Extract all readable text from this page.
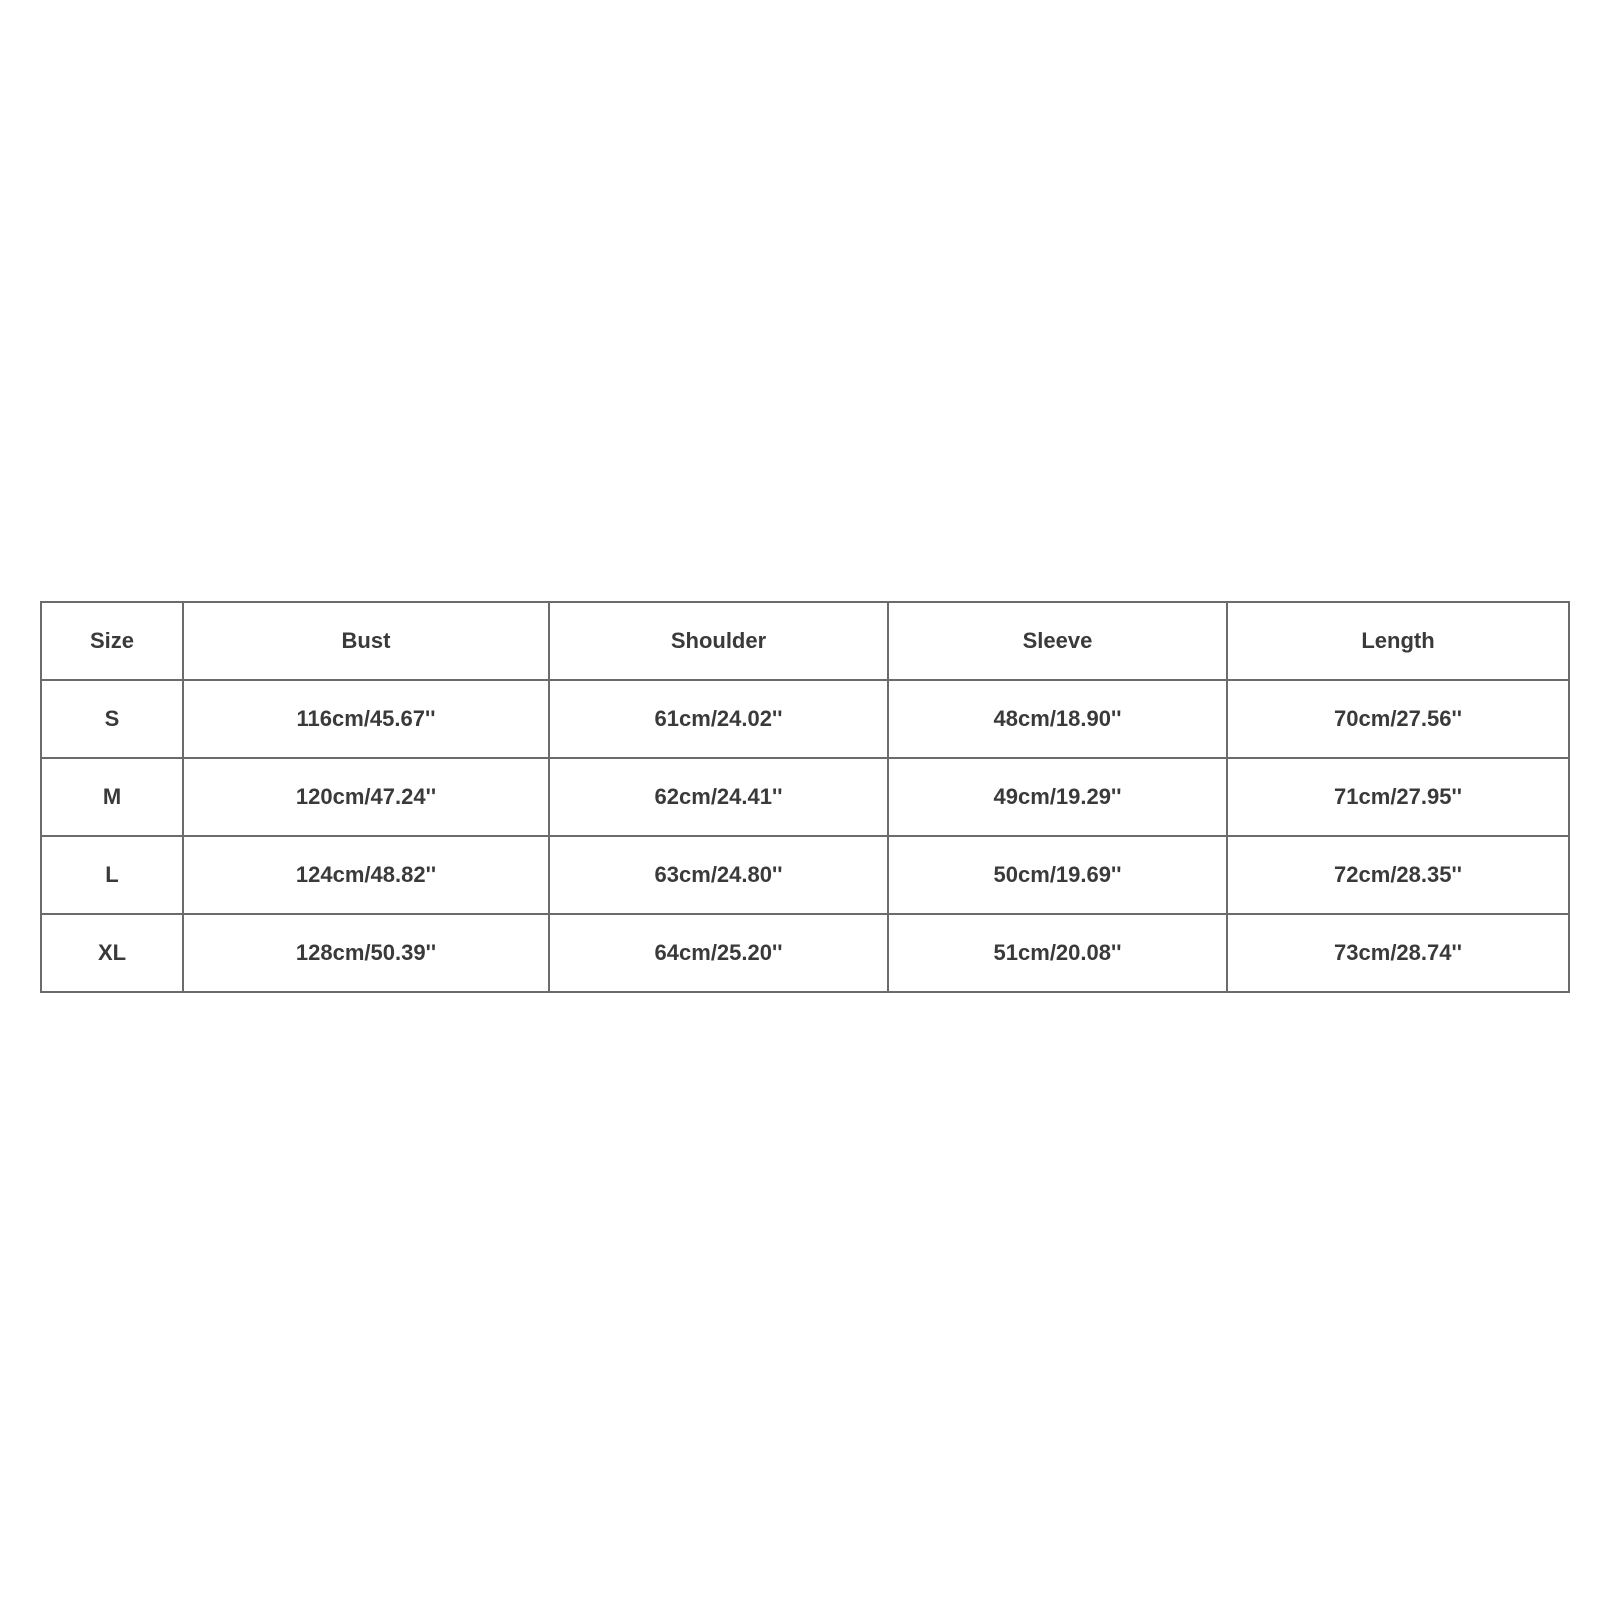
Size	Bust	Shoulder	Sleeve	Length
S	116cm/45.67''	61cm/24.02''	48cm/18.90''	70cm/27.56''
M	120cm/47.24''	62cm/24.41''	49cm/19.29''	71cm/27.95''
L	124cm/48.82''	63cm/24.80''	50cm/19.69''	72cm/28.35''
XL	128cm/50.39''	64cm/25.20''	51cm/20.08''	73cm/28.74''
